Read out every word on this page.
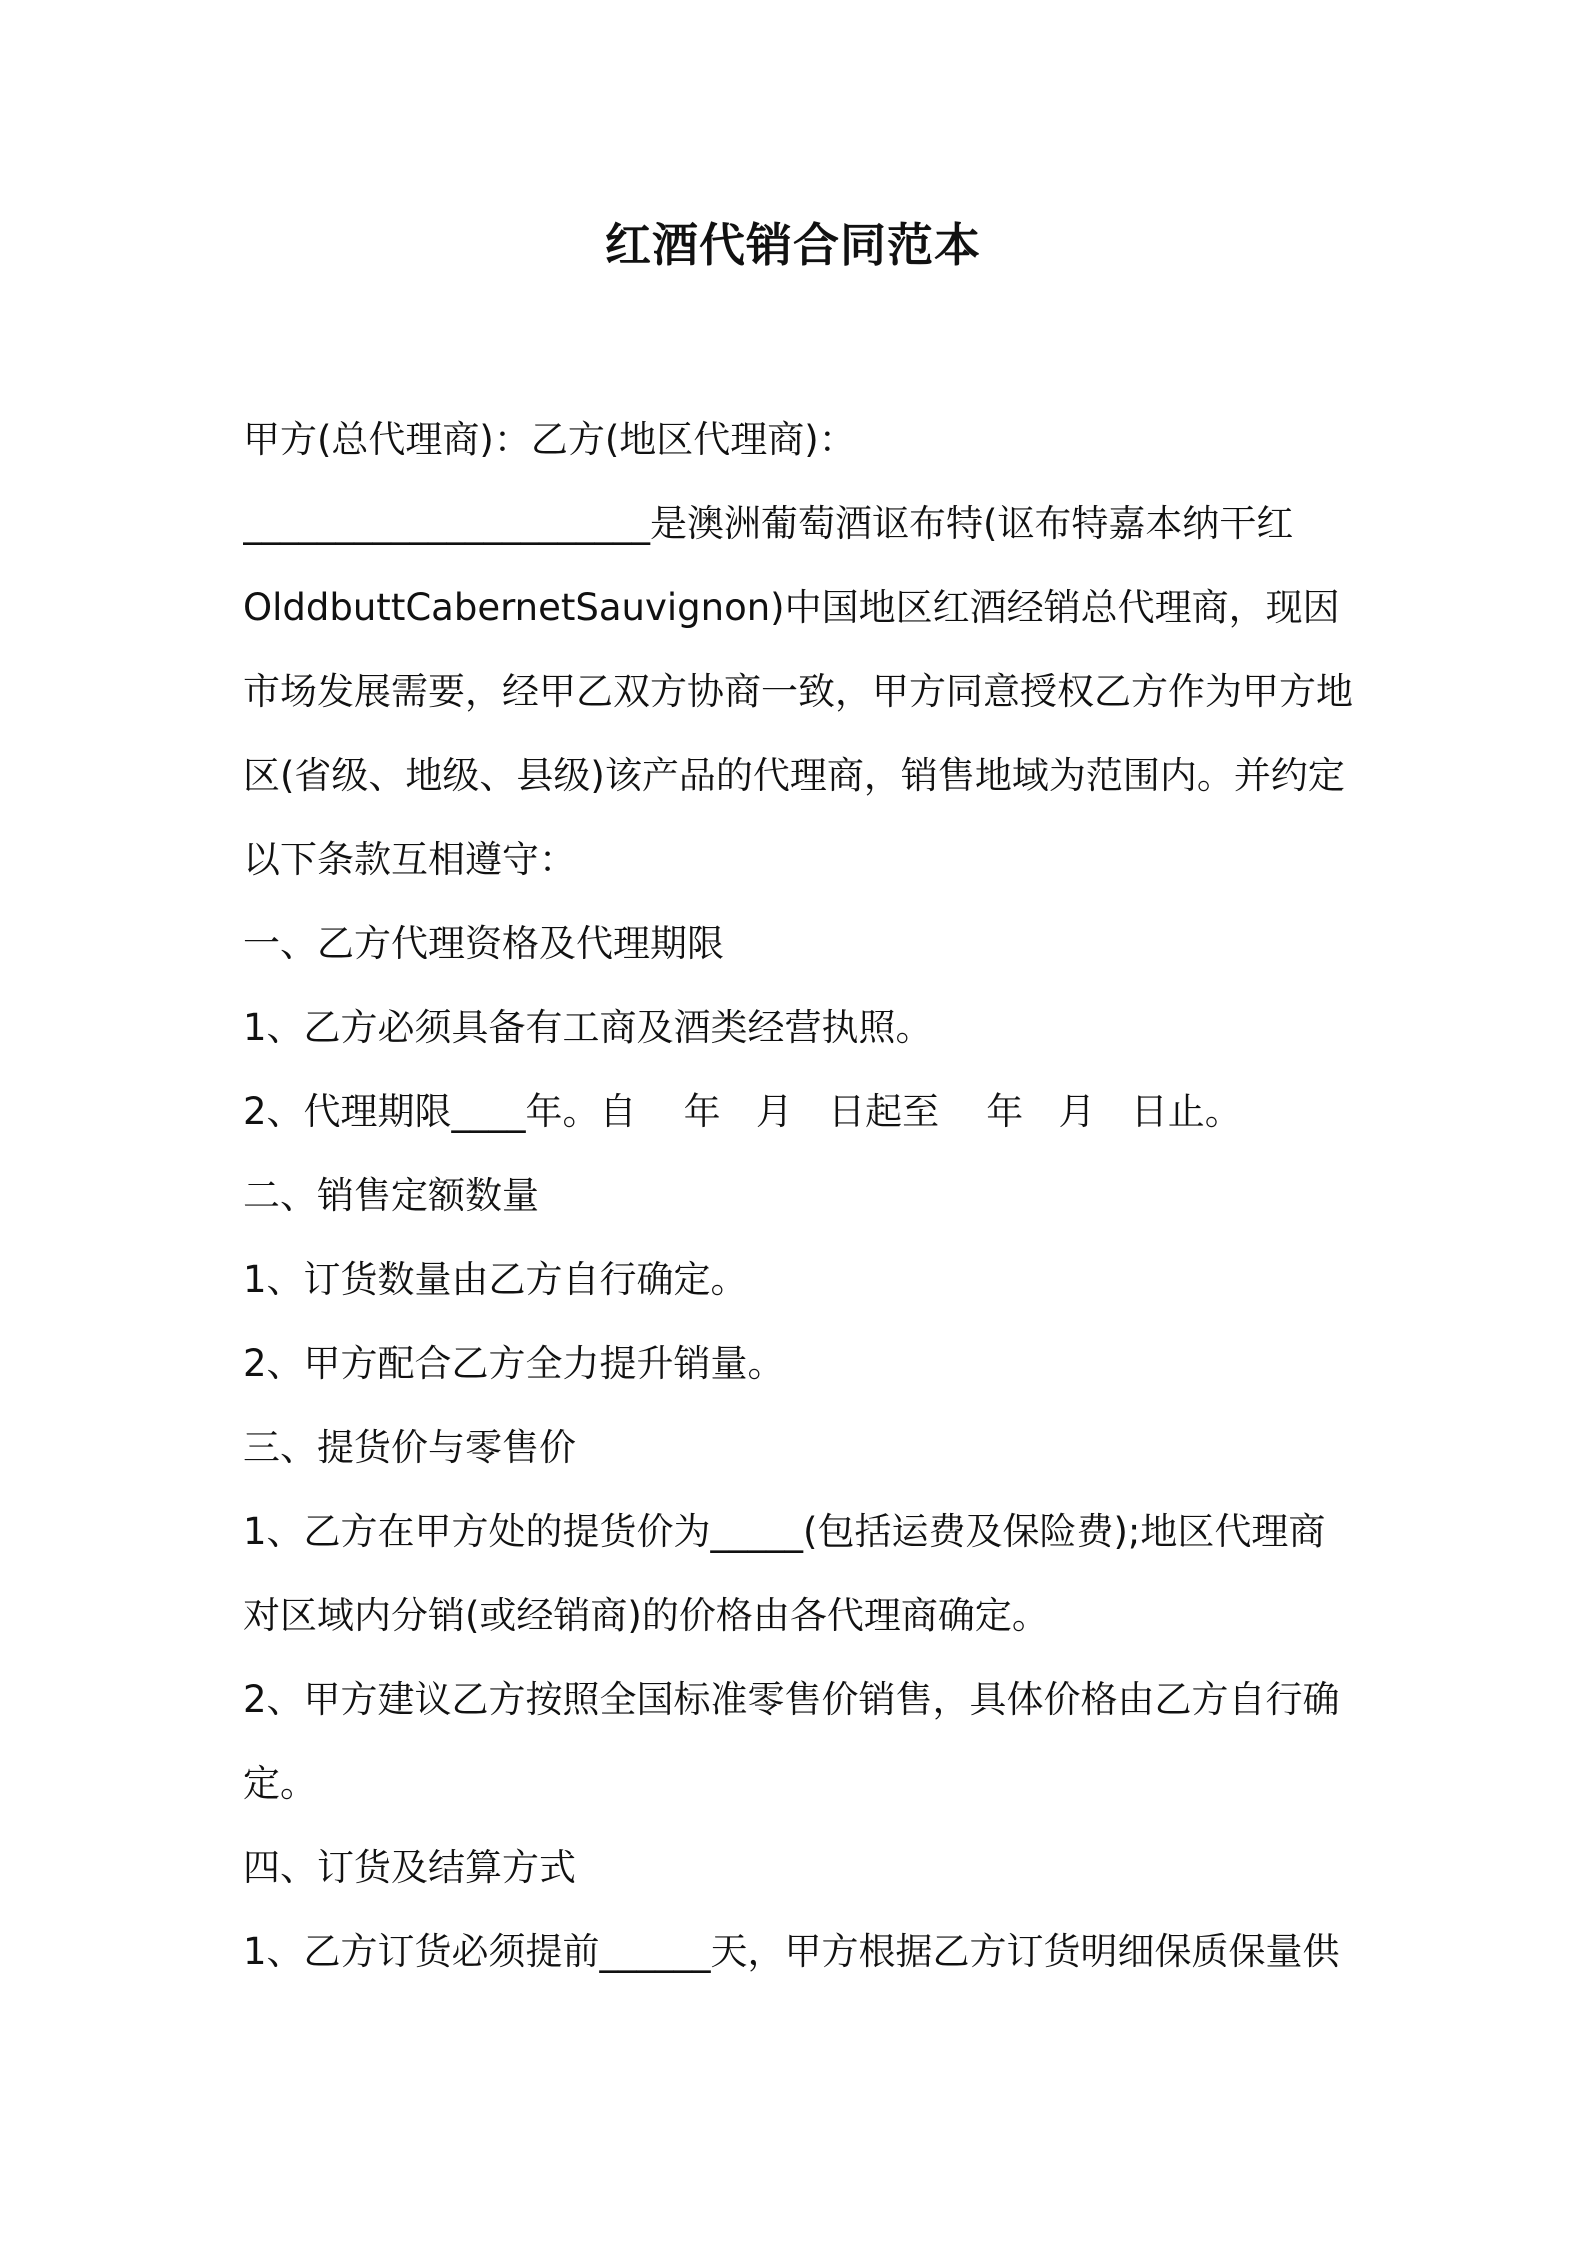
红酒代销合同范本
甲方(总代理商)：乙方(地区代理商)：
______________________是澳洲葡萄酒讴布特(讴布特嘉本纳干红
OlddbuttCabernetSauvignon)中国地区红酒经销总代理商，现因
市场发展需要，经甲乙双方协商一致，甲方同意授权乙方作为甲方地
区(省级、地级、县级)该产品的代理商，销售地域为范围内。并约定
以下条款互相遵守：
一、乙方代理资格及代理期限
1、乙方必须具备有工商及酒类经营执照。
2、代理期限____年。自    年   月   日起至    年   月   日止。
二、销售定额数量
1、订货数量由乙方自行确定。
2、甲方配合乙方全力提升销量。
三、提货价与零售价
1、乙方在甲方处的提货价为_____(包括运费及保险费);地区代理商
对区域内分销(或经销商)的价格由各代理商确定。
2、甲方建议乙方按照全国标准零售价销售，具体价格由乙方自行确
定。
四、订货及结算方式
1、乙方订货必须提前______天，甲方根据乙方订货明细保质保量供
